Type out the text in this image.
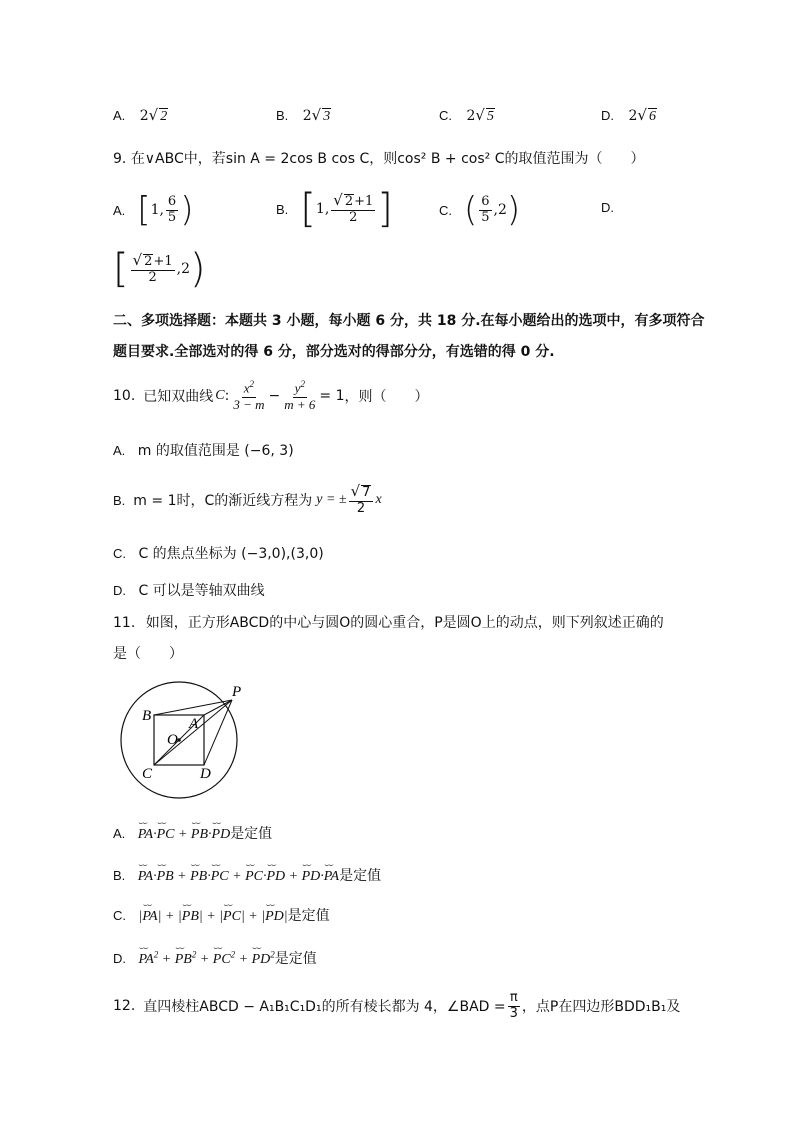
A. 2√ 2	B. 2√ 3	C. 2√ 5	D. 2√ 6
9. 在∨ABC中，若sin A = 2cos B cos C，则cos² B + cos² C的取值范围为（　　）
A. [ 1, $\frac{6}{5}$ )	B. [ 1, $\frac{√ 2+1}{2}$ ]	C. ( $\frac{6}{5} ,2$ )	D.
[ $\frac{√ 2+1}{2} ,2$ )
二、多项选择题：本题共 3 小题，每小题 6 分，共 18 分.在每小题给出的选项中，有多项符合
题目要求.全部选对的得 6 分，部分选对的得部分分，有选错的得 0 分.
10. 已知双曲线 C : $\frac{x^2}{3 - m} - \frac{y^2}{m + 6} = 1$ ，则（　　）
A. m 的取值范围是 (−6, 3)
B. m = 1时，C的渐近线方程为 y = ± $\frac{√ 7}{2}$ x
C. C 的焦点坐标为 (−3,0),(3,0)
D. C 可以是等轴双曲线
11. 如图，正方形ABCD的中心与圆O的圆心重合，P是圆O上的动点，则下列叙述正确的
是（　　）
P
B	A
O
C	D
A. ⌣⌣ PA·⌣⌣ PC + ⌣⌣ PB·⌣⌣ PD是定值
B. ⌣⌣ PA·⌣⌣ PB + ⌣⌣ PB·⌣⌣ PC + ⌣⌣ PC·⌣⌣ PD + ⌣⌣ PD·⌣⌣ PA是定值
C. |⌣⌣ PA| + |⌣⌣ PB| + |⌣⌣ PC| + |⌣⌣ PD|是定值
D. ⌣⌣ $PA^2$ + ⌣⌣ $PB^2$ + ⌣⌣ $PC^2$ + ⌣⌣ $PD^2$是定值
12. 直四棱柱ABCD − A₁B₁C₁D₁的所有棱长都为 4，∠BAD = $\frac{\pi}{3}$ ，点P在四边形BDD₁B₁及
